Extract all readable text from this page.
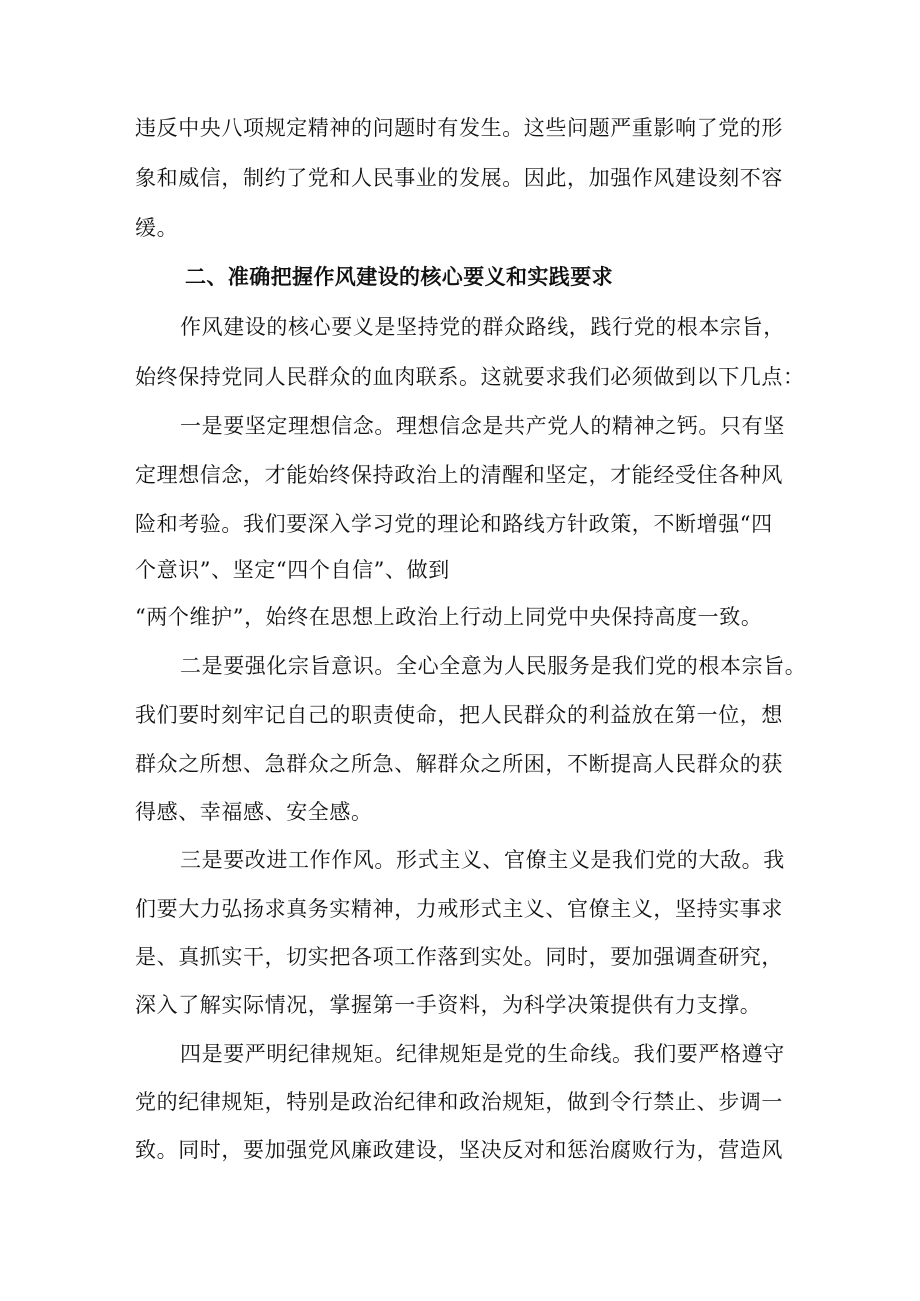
违反中央八项规定精神的问题时有发生。这些问题严重影响了党的形

象和威信，制约了党和人民事业的发展。因此，加强作风建设刻不容

缓。

二、准确把握作风建设的核心要义和实践要求

作风建设的核心要义是坚持党的群众路线，践行党的根本宗旨，

始终保持党同人民群众的血肉联系。这就要求我们必须做到以下几点：

一是要坚定理想信念。理想信念是共产党人的精神之钙。只有坚

定理想信念，才能始终保持政治上的清醒和坚定，才能经受住各种风

险和考验。我们要深入学习党的理论和路线方针政策，不断增强“四

个意识”、坚定“四个自信”、做到

“两个维护”，始终在思想上政治上行动上同党中央保持高度一致。

二是要强化宗旨意识。全心全意为人民服务是我们党的根本宗旨。

我们要时刻牢记自己的职责使命，把人民群众的利益放在第一位，想

群众之所想、急群众之所急、解群众之所困，不断提高人民群众的获

得感、幸福感、安全感。

三是要改进工作作风。形式主义、官僚主义是我们党的大敌。我

们要大力弘扬求真务实精神，力戒形式主义、官僚主义，坚持实事求

是、真抓实干，切实把各项工作落到实处。同时，要加强调查研究，

深入了解实际情况，掌握第一手资料，为科学决策提供有力支撑。

四是要严明纪律规矩。纪律规矩是党的生命线。我们要严格遵守

党的纪律规矩，特别是政治纪律和政治规矩，做到令行禁止、步调一

致。同时，要加强党风廉政建设，坚决反对和惩治腐败行为，营造风
